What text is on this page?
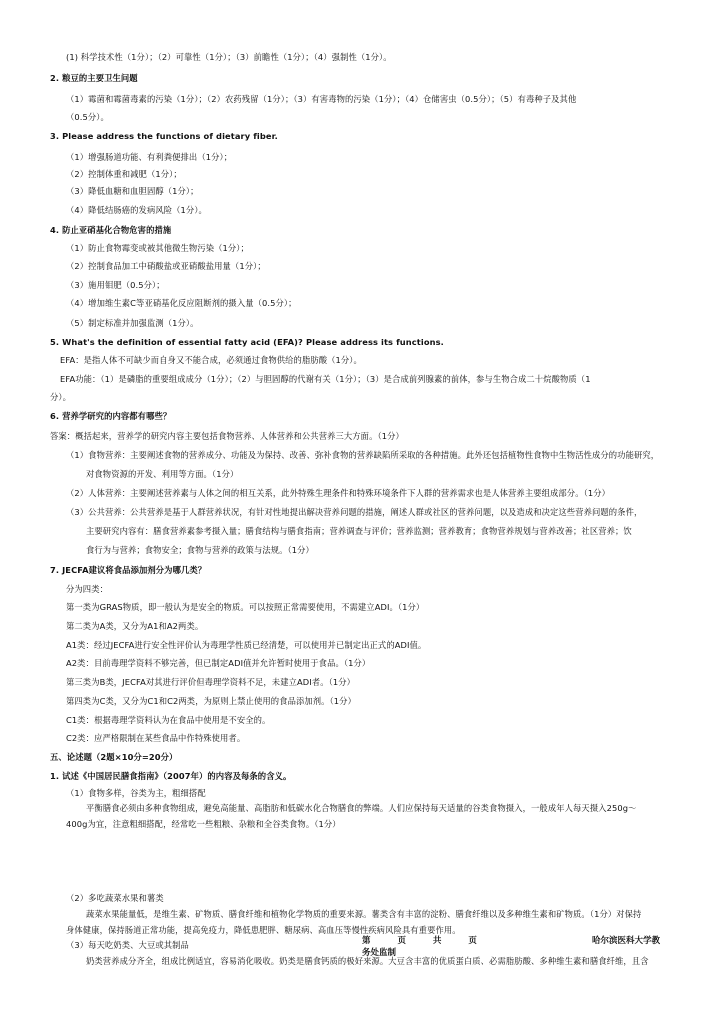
(1) 科学技术性（1分）；（2）可靠性（1分）；（3）前瞻性（1分）；（4）强制性（1分）。
2. 粮豆的主要卫生问题
（1）霉菌和霉菌毒素的污染（1分）；（2）农药残留（1分）；（3）有害毒物的污染（1分）；（4）仓储害虫（0.5分）；（5）有毒种子及其他
（0.5分）。
3. Please address the functions of dietary fiber.
（1）增强肠道功能、有利粪便排出（1分）；
（2）控制体重和减肥（1分）；
（3）降低血糖和血胆固醇（1分）；
（4）降低结肠癌的发病风险（1分）。
4. 防止亚硝基化合物危害的措施
（1）防止食物霉变或被其他微生物污染（1分）；
（2）控制食品加工中硝酸盐或亚硝酸盐用量（1分）；
（3）施用钼肥（0.5分）；
（4）增加维生素C等亚硝基化反应阻断剂的摄入量（0.5分）；
（5）制定标准并加强监测（1分）。
5. What's the definition of essential fatty acid (EFA)? Please address its functions.
EFA：是指人体不可缺少而自身又不能合成，必须通过食物供给的脂肪酸（1分）。
EFA功能：（1）是磷脂的重要组成成分（1分）；（2）与胆固醇的代谢有关（1分）；（3）是合成前列腺素的前体，参与生物合成二十烷酸物质（1
分）。
6. 营养学研究的内容都有哪些？
答案：概括起来，营养学的研究内容主要包括食物营养、人体营养和公共营养三大方面。（1分）
（1）食物营养：主要阐述食物的营养成分、功能及为保持、改善、弥补食物的营养缺陷所采取的各种措施。此外还包括植物性食物中生物活性成分的功能研究，
对食物资源的开发、利用等方面。（1分）
（2）人体营养：主要阐述营养素与人体之间的相互关系，此外特殊生理条件和特殊环境条件下人群的营养需求也是人体营养主要组成部分。（1分）
（3）公共营养：公共营养是基于人群营养状况，有针对性地提出解决营养问题的措施，阐述人群或社区的营养问题，以及造成和决定这些营养问题的条件，
主要研究内容有：膳食营养素参考摄入量；膳食结构与膳食指南；营养调查与评价；营养监测；营养教育；食物营养规划与营养改善；社区营养；饮
食行为与营养；食物安全；食物与营养的政策与法规。（1分）
7. JECFA建议将食品添加剂分为哪几类？
分为四类：
第一类为GRAS物质，即一般认为是安全的物质。可以按照正常需要使用，不需建立ADI。（1分）
第二类为A类，又分为A1和A2两类。
A1类：经过JECFA进行安全性评价认为毒理学性质已经清楚，可以使用并已制定出正式的ADI值。
A2类：目前毒理学资料不够完善，但已制定ADI值并允许暂时使用于食品。（1分）
第三类为B类，JECFA对其进行评价但毒理学资料不足，未建立ADI者。（1分）
第四类为C类，又分为C1和C2两类，为原则上禁止使用的食品添加剂。（1分）
C1类：根据毒理学资料认为在食品中使用是不安全的。
C2类：应严格限制在某些食品中作特殊使用者。
五、论述题（2题×10分=20分）
1. 试述《中国居民膳食指南》（2007年）的内容及每条的含义。
（1）食物多样，谷类为主，粗细搭配
平衡膳食必须由多种食物组成，避免高能量、高脂肪和低碳水化合物膳食的弊端。人们应保持每天适量的谷类食物摄入，一般成年人每天摄入250g～
400g为宜，注意粗细搭配，经常吃一些粗粮、杂粮和全谷类食物。（1分）
（2）多吃蔬菜水果和薯类
蔬菜水果能量低，是维生素、矿物质、膳食纤维和植物化学物质的重要来源。薯类含有丰富的淀粉、膳食纤维以及多种维生素和矿物质。（1分）对保持
身体健康，保持肠道正常功能，提高免疫力，降低患肥胖、糖尿病、高血压等慢性疾病风险具有重要作用。
（3）每天吃奶类、大豆或其制品
奶类营养成分齐全，组成比例适宜，容易消化吸收。奶类是膳食钙质的极好来源。大豆含丰富的优质蛋白质、必需脂肪酸、多种维生素和膳食纤维，且含
第 页 共 页	哈尔滨医科大学教
务处监制
